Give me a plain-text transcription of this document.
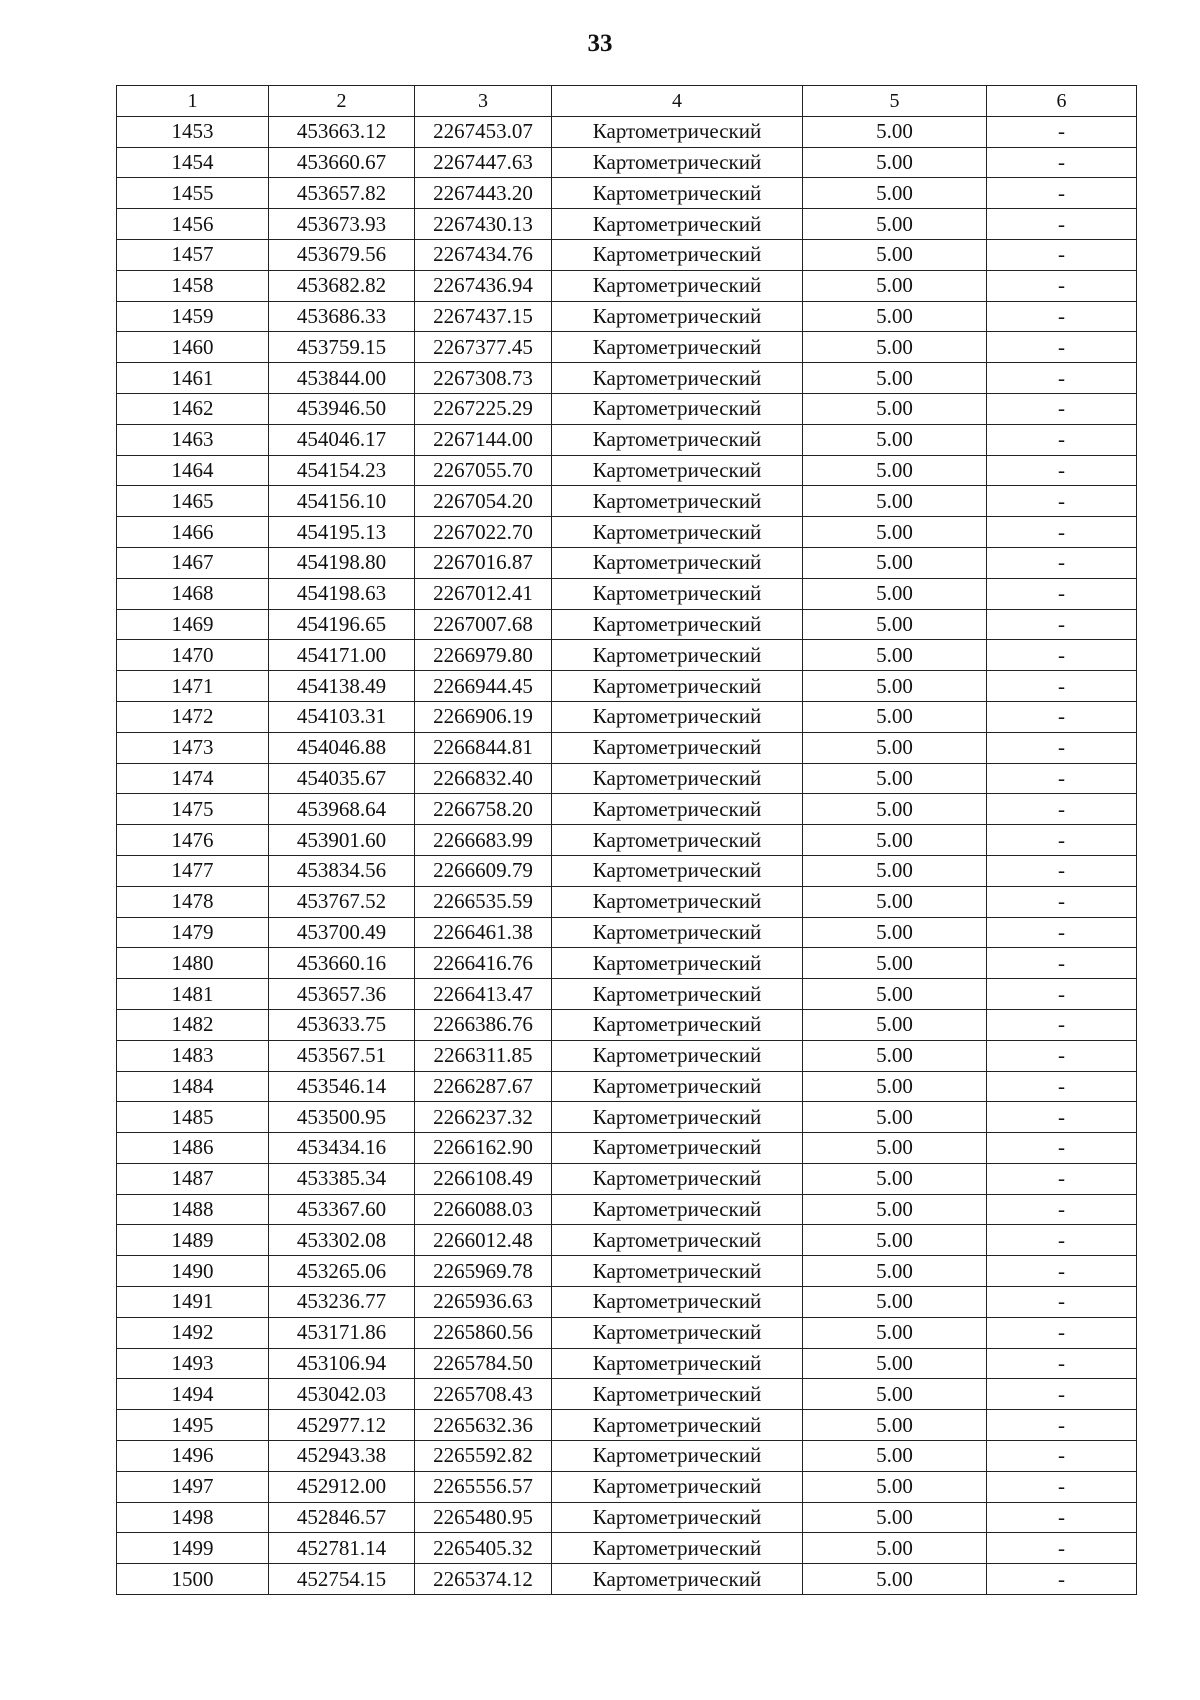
33
1	2	3	4	5	6
1453	453663.12	2267453.07	Картометрический	5.00	-
1454	453660.67	2267447.63	Картометрический	5.00	-
1455	453657.82	2267443.20	Картометрический	5.00	-
1456	453673.93	2267430.13	Картометрический	5.00	-
1457	453679.56	2267434.76	Картометрический	5.00	-
1458	453682.82	2267436.94	Картометрический	5.00	-
1459	453686.33	2267437.15	Картометрический	5.00	-
1460	453759.15	2267377.45	Картометрический	5.00	-
1461	453844.00	2267308.73	Картометрический	5.00	-
1462	453946.50	2267225.29	Картометрический	5.00	-
1463	454046.17	2267144.00	Картометрический	5.00	-
1464	454154.23	2267055.70	Картометрический	5.00	-
1465	454156.10	2267054.20	Картометрический	5.00	-
1466	454195.13	2267022.70	Картометрический	5.00	-
1467	454198.80	2267016.87	Картометрический	5.00	-
1468	454198.63	2267012.41	Картометрический	5.00	-
1469	454196.65	2267007.68	Картометрический	5.00	-
1470	454171.00	2266979.80	Картометрический	5.00	-
1471	454138.49	2266944.45	Картометрический	5.00	-
1472	454103.31	2266906.19	Картометрический	5.00	-
1473	454046.88	2266844.81	Картометрический	5.00	-
1474	454035.67	2266832.40	Картометрический	5.00	-
1475	453968.64	2266758.20	Картометрический	5.00	-
1476	453901.60	2266683.99	Картометрический	5.00	-
1477	453834.56	2266609.79	Картометрический	5.00	-
1478	453767.52	2266535.59	Картометрический	5.00	-
1479	453700.49	2266461.38	Картометрический	5.00	-
1480	453660.16	2266416.76	Картометрический	5.00	-
1481	453657.36	2266413.47	Картометрический	5.00	-
1482	453633.75	2266386.76	Картометрический	5.00	-
1483	453567.51	2266311.85	Картометрический	5.00	-
1484	453546.14	2266287.67	Картометрический	5.00	-
1485	453500.95	2266237.32	Картометрический	5.00	-
1486	453434.16	2266162.90	Картометрический	5.00	-
1487	453385.34	2266108.49	Картометрический	5.00	-
1488	453367.60	2266088.03	Картометрический	5.00	-
1489	453302.08	2266012.48	Картометрический	5.00	-
1490	453265.06	2265969.78	Картометрический	5.00	-
1491	453236.77	2265936.63	Картометрический	5.00	-
1492	453171.86	2265860.56	Картометрический	5.00	-
1493	453106.94	2265784.50	Картометрический	5.00	-
1494	453042.03	2265708.43	Картометрический	5.00	-
1495	452977.12	2265632.36	Картометрический	5.00	-
1496	452943.38	2265592.82	Картометрический	5.00	-
1497	452912.00	2265556.57	Картометрический	5.00	-
1498	452846.57	2265480.95	Картометрический	5.00	-
1499	452781.14	2265405.32	Картометрический	5.00	-
1500	452754.15	2265374.12	Картометрический	5.00	-
